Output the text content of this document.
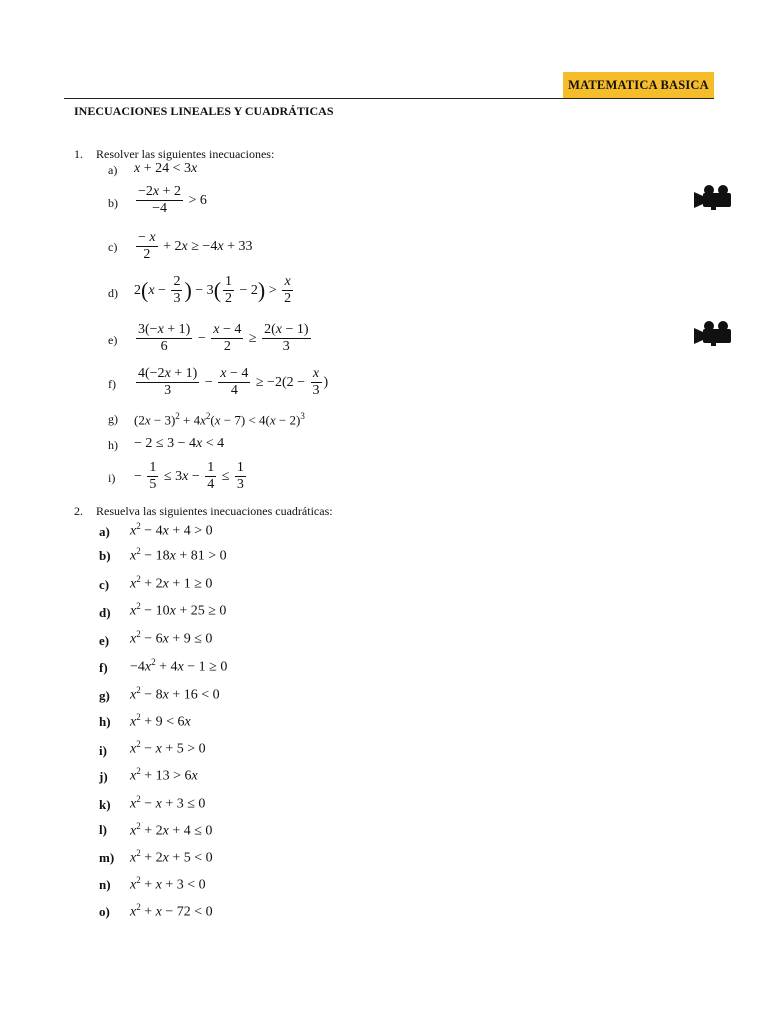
MATEMATICA BASICA
INECUACIONES LINEALES Y CUADRÁTICAS
1. Resolver las siguientes inecuaciones:
a) x + 24 < 3x
$b) \frac{-2x + 2}{-4} > 6$
$c) \frac{- x}{2} + 2x \ge -4x + 33$
d) $2(x - \frac{2}{3}$ ) − $3( \frac{1}{2} - 2) > \frac{x}{2}$
$e) \frac{3(-x + 1)}{6} - \frac{x - 4}{2} \ge \frac{2(x - 1)}{3}$
$f) \frac{4(-2x + 1)}{3} - \frac{x - 4}{4} \ge -2(2 - \frac{x}{3}$ )
g) $(2x - 3)^2 + 4x^2(x - 7) < 4(x - 2)^3$
h) − 2 ≤ 3 − 4x < 4
$i) - \frac{1}{5} \le 3x - \frac{1}{4} \le \frac{1}{3}$
2. Resuelva las siguientes inecuaciones cuadráticas:
a) $x^2 - 4x + 4 > 0$
b) $x^2 - 18x + 81 > 0$
c) $x^2 + 2x + 1 \ge 0$
d) $x^2 - 10x + 25 \ge 0$
e) $x^2 - 6x + 9 \le 0$
$f) -4x^2 + 4x - 1 \ge 0$
g) $x^2 - 8x + 16 < 0$
h) $x^2 + 9 < 6x$
i) $x^2 - x + 5 > 0$
j) $x^2 + 13 > 6x$
k) $x^2 - x + 3 \le 0$
l) $x^2 + 2x + 4 \le 0$
m) $x^2 + 2x + 5 < 0$
n) $x^2 + x + 3 < 0$
o) $x^2 + x - 72 < 0$
